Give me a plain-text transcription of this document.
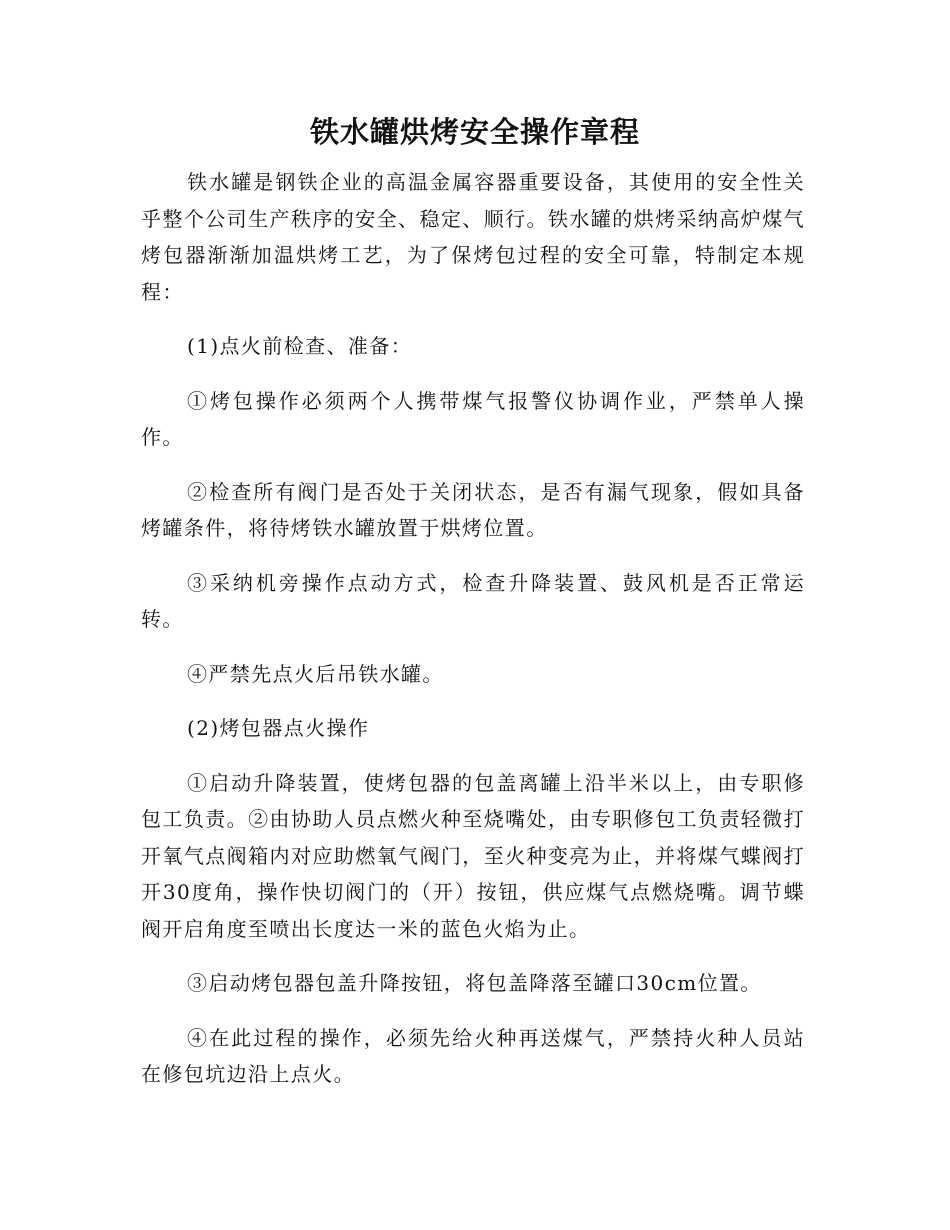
铁水罐烘烤安全操作章程

铁水罐是钢铁企业的高温金属容器重要设备，其使用的安全性关乎整个公司生产秩序的安全、稳定、顺行。铁水罐的烘烤采纳高炉煤气烤包器渐渐加温烘烤工艺，为了保烤包过程的安全可靠，特制定本规程：

(1)点火前检查、准备：

①烤包操作必须两个人携带煤气报警仪协调作业，严禁单人操作。

②检查所有阀门是否处于关闭状态，是否有漏气现象，假如具备烤罐条件，将待烤铁水罐放置于烘烤位置。

③采纳机旁操作点动方式，检查升降装置、鼓风机是否正常运转。

④严禁先点火后吊铁水罐。

(2)烤包器点火操作

①启动升降装置，使烤包器的包盖离罐上沿半米以上，由专职修包工负责。②由协助人员点燃火种至烧嘴处，由专职修包工负责轻微打开氧气点阀箱内对应助燃氧气阀门，至火种变亮为止，并将煤气蝶阀打开30度角，操作快切阀门的（开）按钮，供应煤气点燃烧嘴。调节蝶阀开启角度至喷出长度达一米的蓝色火焰为止。

③启动烤包器包盖升降按钮，将包盖降落至罐口30cm位置。

④在此过程的操作，必须先给火种再送煤气，严禁持火种人员站在修包坑边沿上点火。
